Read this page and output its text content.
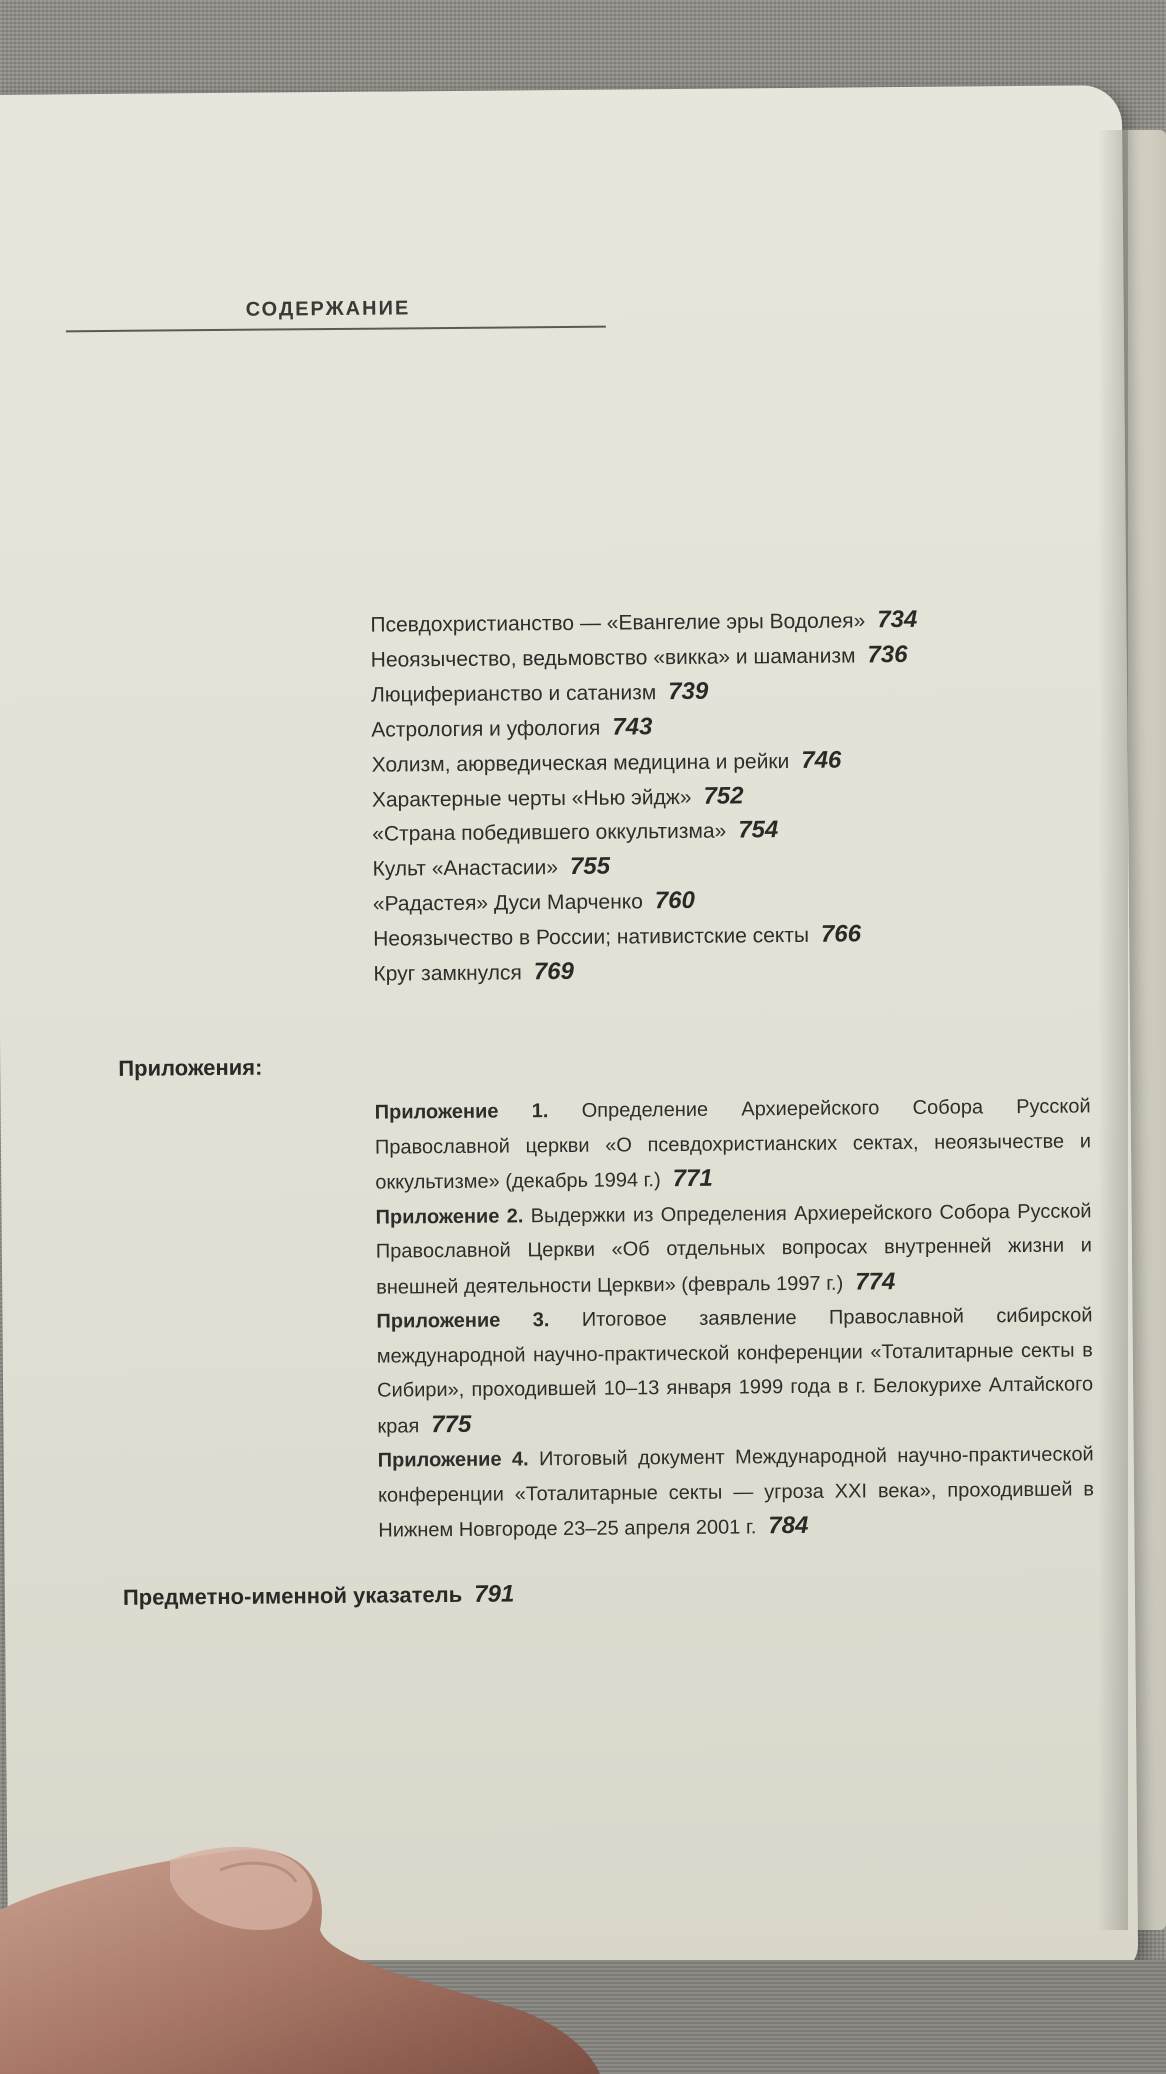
СОДЕРЖАНИЕ
Псевдохристианство — «Евангелие эры Водолея» 734
Неоязычество, ведьмовство «викка» и шаманизм 736
Люциферианство и сатанизм 739
Астрология и уфология 743
Холизм, аюрведическая медицина и рейки 746
Характерные черты «Нью эйдж» 752
«Страна победившего оккультизма» 754
Культ «Анастасии» 755
«Радастея» Дуси Марченко 760
Неоязычество в России; нативистские секты 766
Круг замкнулся 769
Приложения:
Приложение 1. Определение Архиерейского Собора Русской Православной церкви «О псевдохристианских сектах, неоязычестве и оккультизме» (декабрь 1994 г.) 771
Приложение 2. Выдержки из Определения Архиерейского Собора Русской Православной Церкви «Об отдельных вопросах внутренней жизни и внешней деятельности Церкви» (февраль 1997 г.) 774
Приложение 3. Итоговое заявление Православной сибирской международной научно-практической конференции «Тоталитарные секты в Сибири», проходившей 10–13 января 1999 года в г. Белокурихе Алтайского края 775
Приложение 4. Итоговый документ Международной научно-практической конференции «Тоталитарные секты — угроза XXI века», проходившей в Нижнем Новгороде 23–25 апреля 2001 г. 784
Предметно-именной указатель 791
